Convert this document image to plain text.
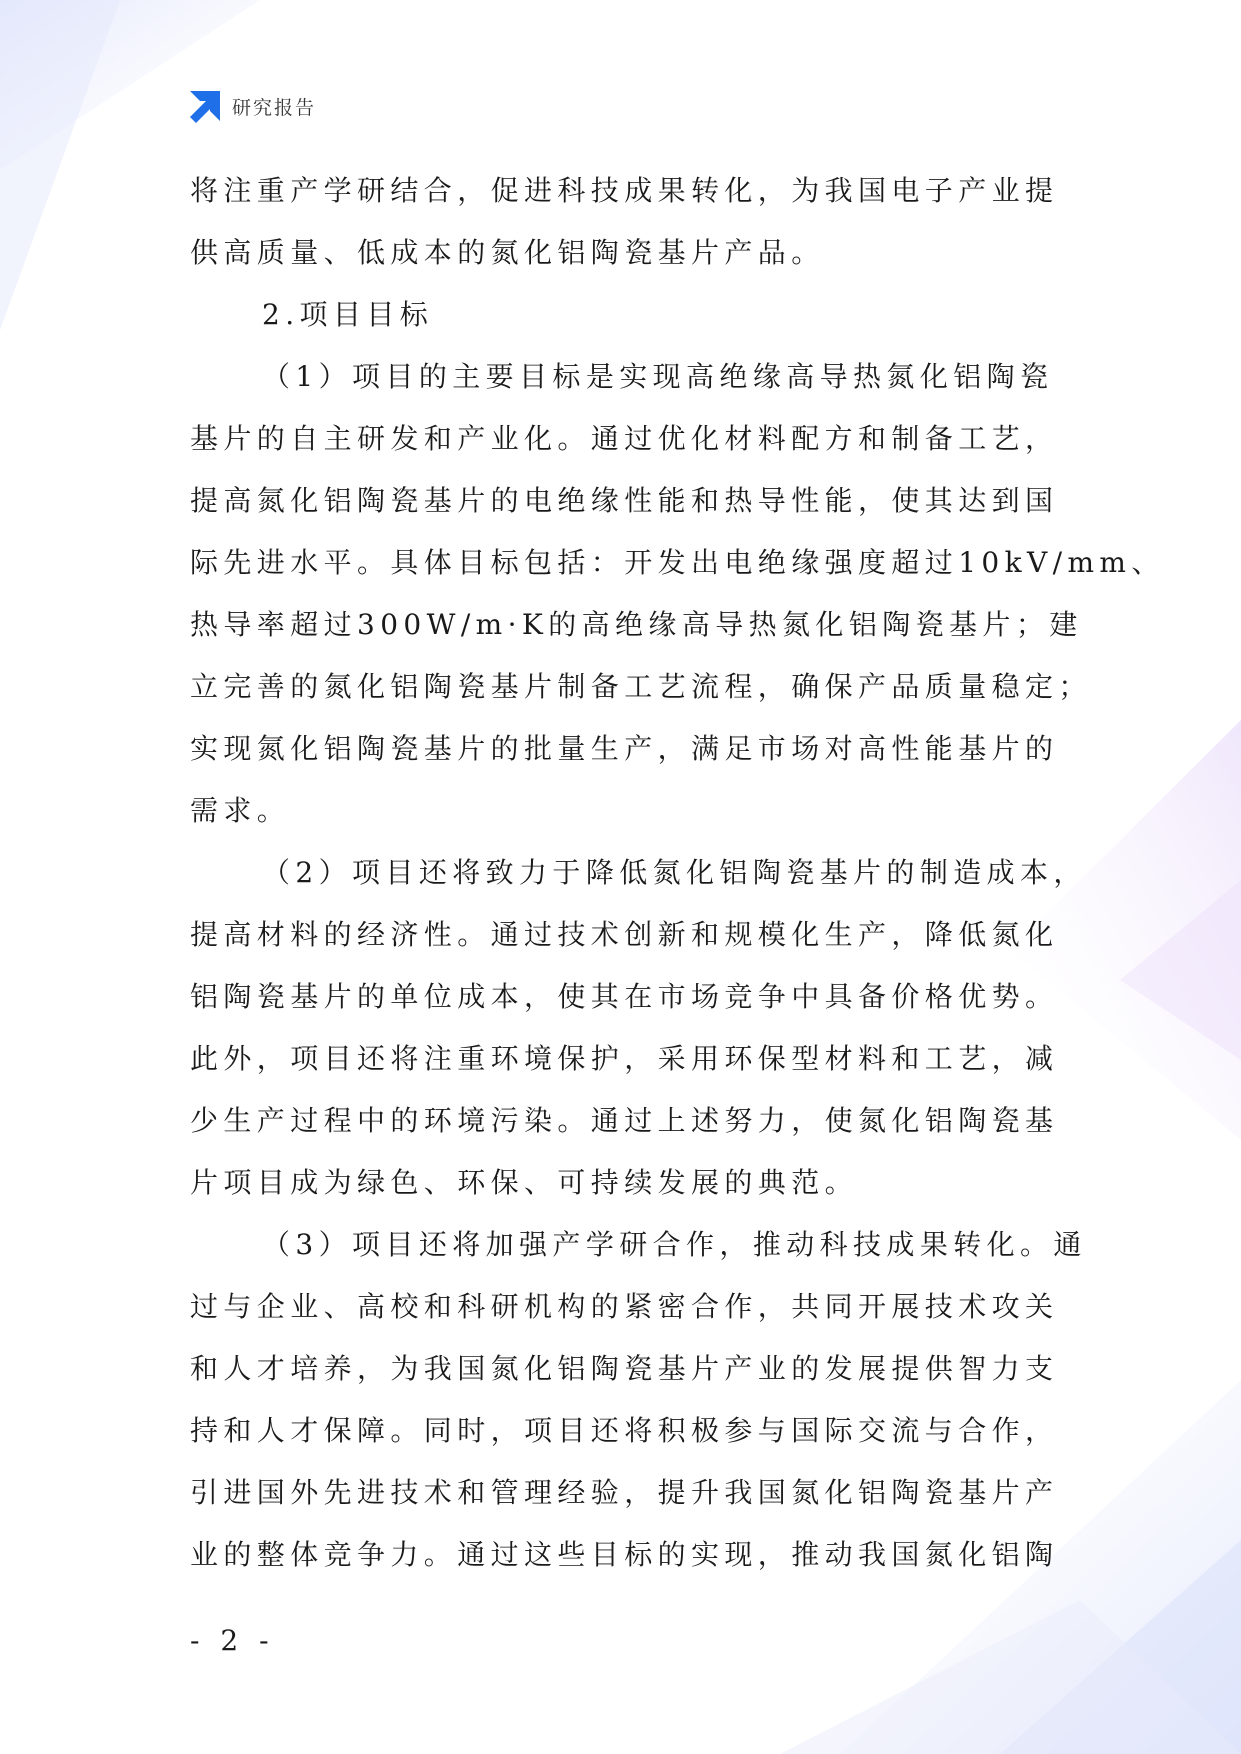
研究报告
将注重产学研结合，促进科技成果转化，为我国电子产业提
供高质量、低成本的氮化铝陶瓷基片产品。
2.项目目标
（1）项目的主要目标是实现高绝缘高导热氮化铝陶瓷
基片的自主研发和产业化。通过优化材料配方和制备工艺，
提高氮化铝陶瓷基片的电绝缘性能和热导性能，使其达到国
际先进水平。具体目标包括：开发出电绝缘强度超过10kV/mm、
热导率超过300W/m·K的高绝缘高导热氮化铝陶瓷基片；建
立完善的氮化铝陶瓷基片制备工艺流程，确保产品质量稳定；
实现氮化铝陶瓷基片的批量生产，满足市场对高性能基片的
需求。
（2）项目还将致力于降低氮化铝陶瓷基片的制造成本，
提高材料的经济性。通过技术创新和规模化生产，降低氮化
铝陶瓷基片的单位成本，使其在市场竞争中具备价格优势。
此外，项目还将注重环境保护，采用环保型材料和工艺，减
少生产过程中的环境污染。通过上述努力，使氮化铝陶瓷基
片项目成为绿色、环保、可持续发展的典范。
（3）项目还将加强产学研合作，推动科技成果转化。通
过与企业、高校和科研机构的紧密合作，共同开展技术攻关
和人才培养，为我国氮化铝陶瓷基片产业的发展提供智力支
持和人才保障。同时，项目还将积极参与国际交流与合作，
引进国外先进技术和管理经验，提升我国氮化铝陶瓷基片产
业的整体竞争力。通过这些目标的实现，推动我国氮化铝陶
- 2 -
